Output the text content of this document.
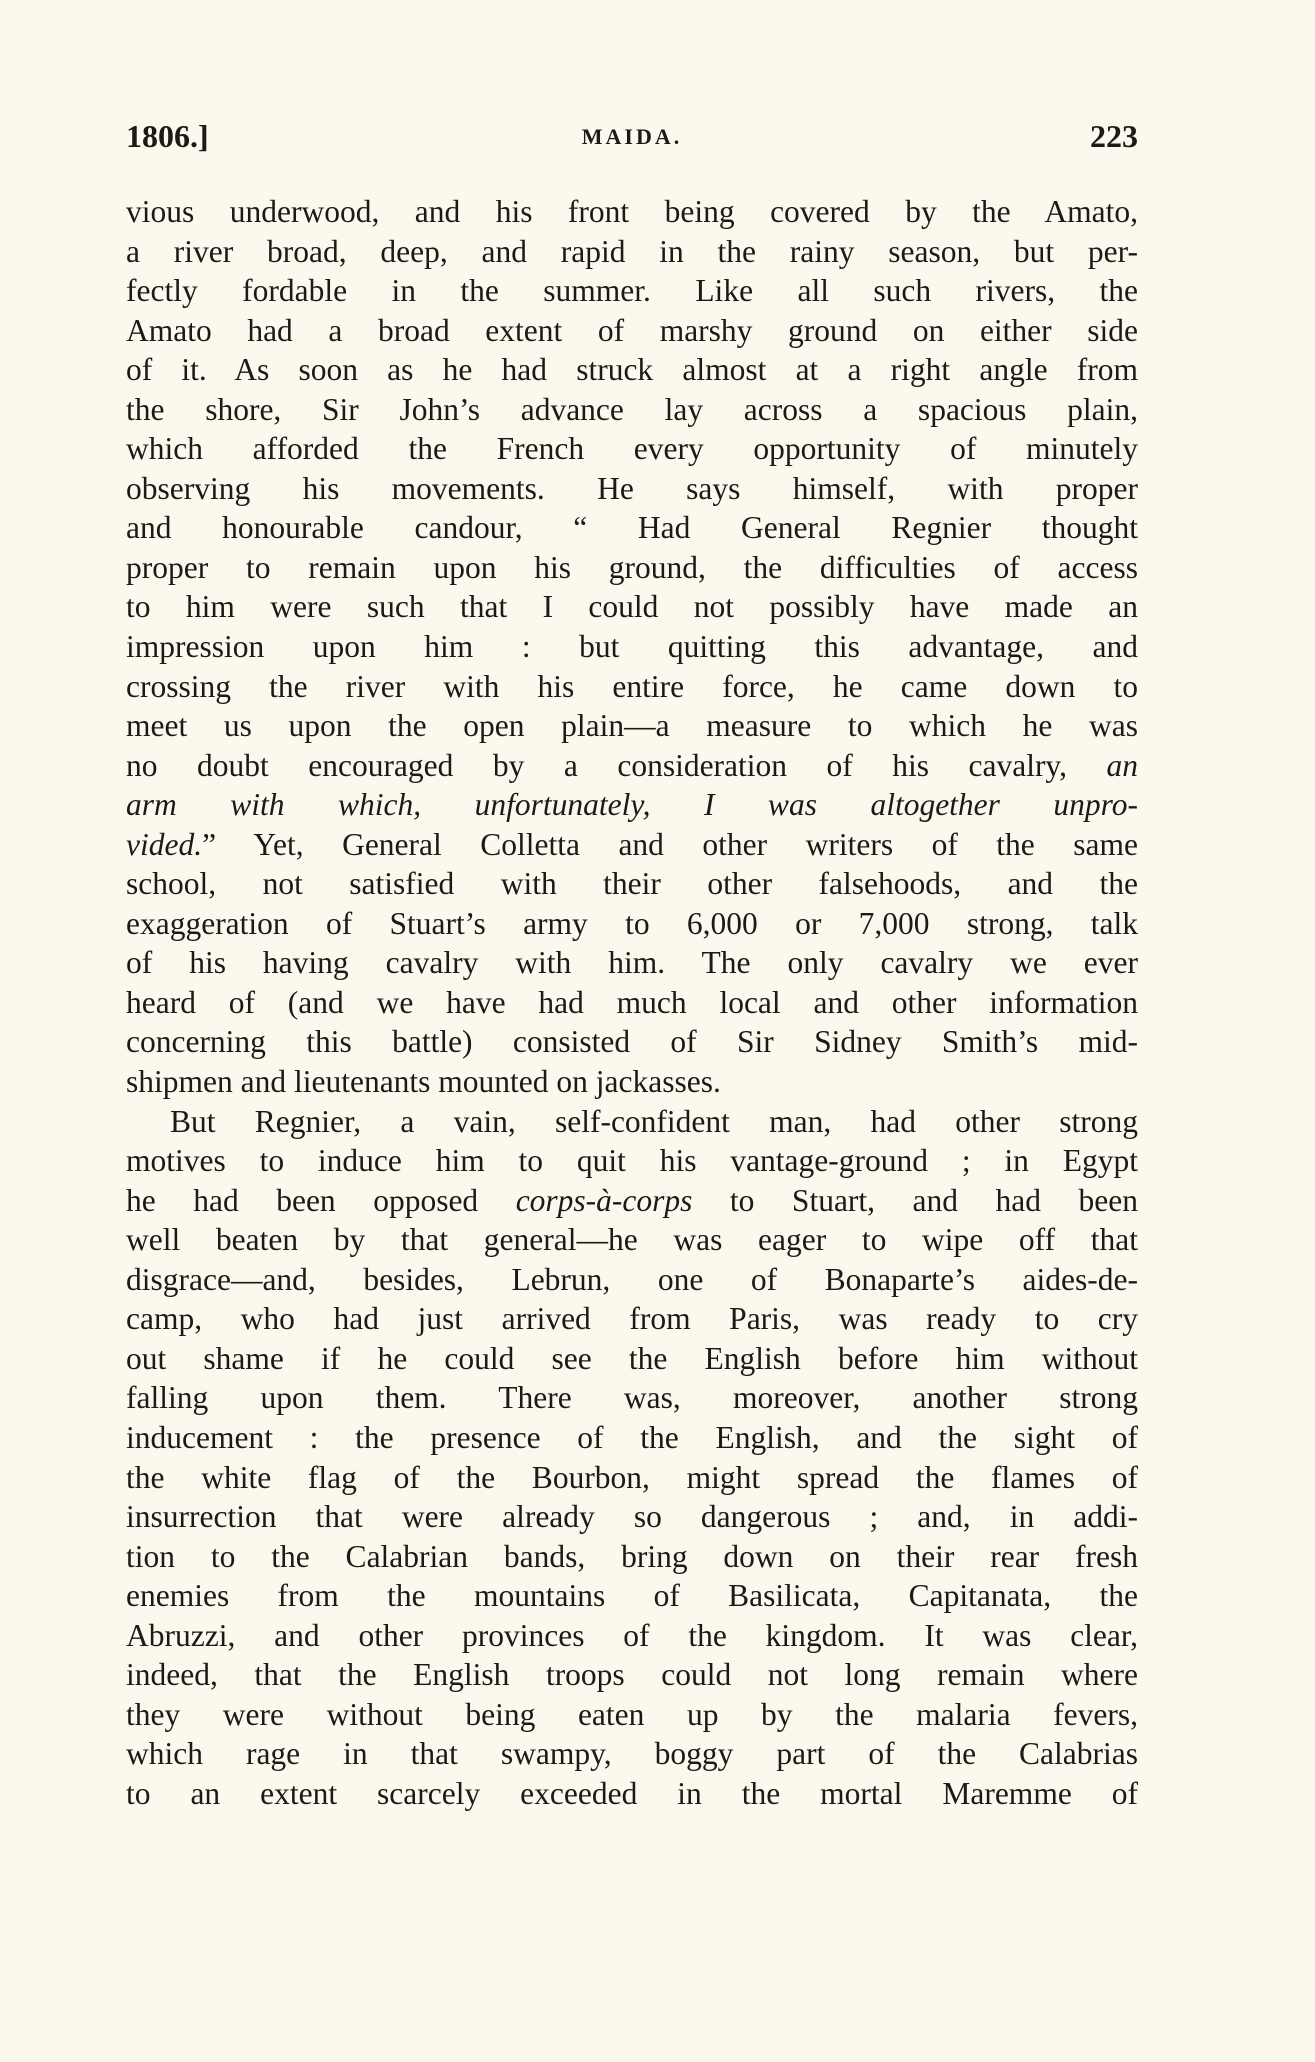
1806.]	MAIDA.	223
vious underwood, and his front being covered by the Amato,
a river broad, deep, and rapid in the rainy season, but per-
fectly fordable in the summer. Like all such rivers, the
Amato had a broad extent of marshy ground on either side
of it. As soon as he had struck almost at a right angle from
the shore, Sir John’s advance lay across a spacious plain,
which afforded the French every opportunity of minutely
observing his movements. He says himself, with proper
and honourable candour, “ Had General Regnier thought
proper to remain upon his ground, the difficulties of access
to him were such that I could not possibly have made an
impression upon him : but quitting this advantage, and
crossing the river with his entire force, he came down to
meet us upon the open plain—a measure to which he was
no doubt encouraged by a consideration of his cavalry, an
arm with which, unfortunately, I was altogether unpro-
vided.” Yet, General Colletta and other writers of the same
school, not satisfied with their other falsehoods, and the
exaggeration of Stuart’s army to 6,000 or 7,000 strong, talk
of his having cavalry with him. The only cavalry we ever
heard of (and we have had much local and other information
concerning this battle) consisted of Sir Sidney Smith’s mid-
shipmen and lieutenants mounted on jackasses.
But Regnier, a vain, self-confident man, had other strong
motives to induce him to quit his vantage-ground ; in Egypt
he had been opposed corps-à-corps to Stuart, and had been
well beaten by that general—he was eager to wipe off that
disgrace—and, besides, Lebrun, one of Bonaparte’s aides-de-
camp, who had just arrived from Paris, was ready to cry
out shame if he could see the English before him without
falling upon them. There was, moreover, another strong
inducement : the presence of the English, and the sight of
the white flag of the Bourbon, might spread the flames of
insurrection that were already so dangerous ; and, in addi-
tion to the Calabrian bands, bring down on their rear fresh
enemies from the mountains of Basilicata, Capitanata, the
Abruzzi, and other provinces of the kingdom. It was clear,
indeed, that the English troops could not long remain where
they were without being eaten up by the malaria fevers,
which rage in that swampy, boggy part of the Calabrias
to an extent scarcely exceeded in the mortal Maremme of
